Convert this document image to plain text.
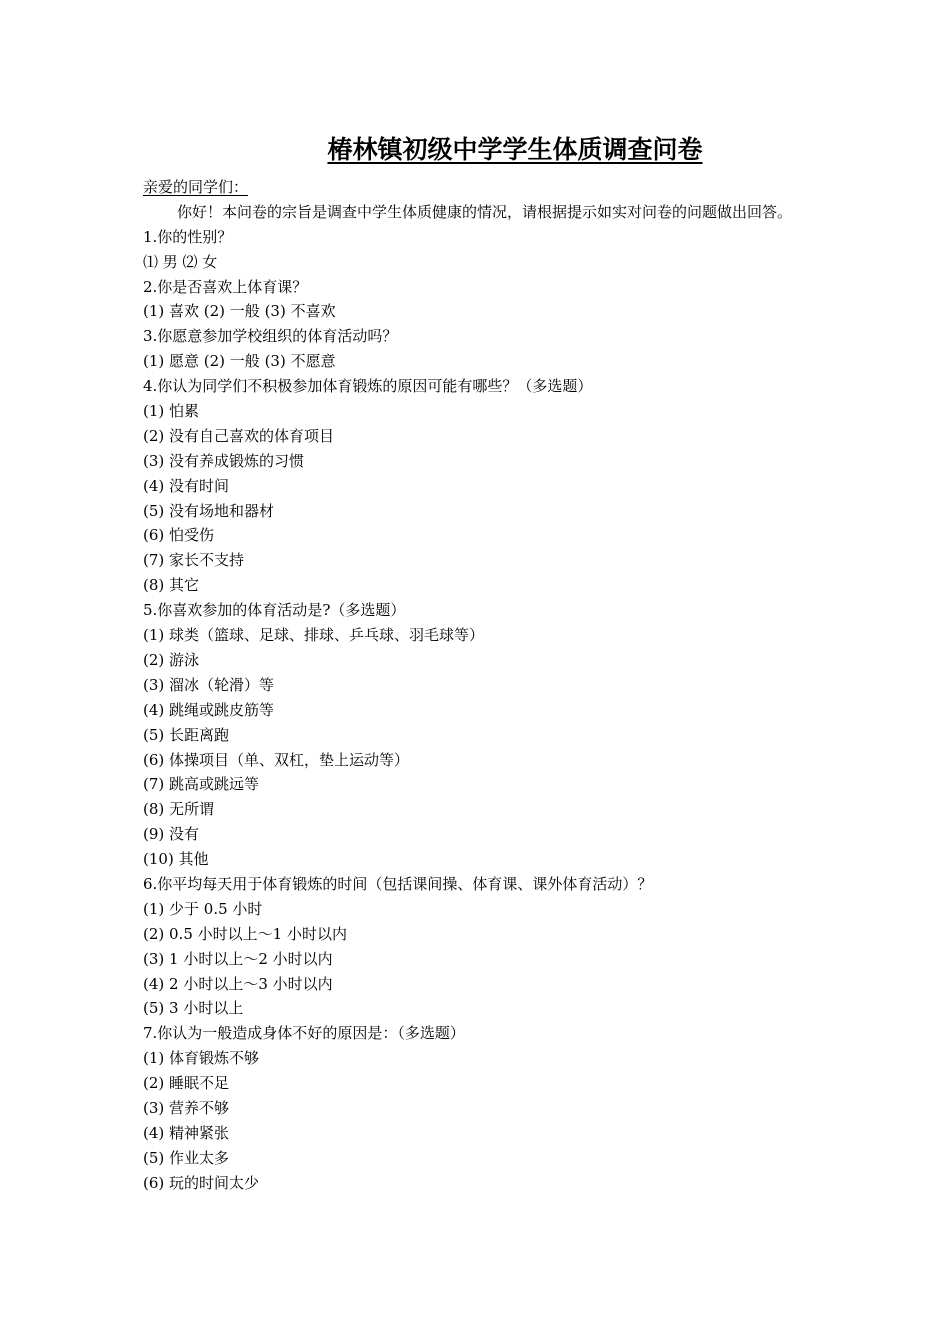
椿林镇初级中学学生体质调查问卷
亲爱的同学们：
你好！本问卷的宗旨是调查中学生体质健康的情况，请根据提示如实对问卷的问题做出回答。
1.你的性别？
⑴ 男 ⑵ 女
2.你是否喜欢上体育课？
(1) 喜欢 (2) 一般 (3) 不喜欢
3.你愿意参加学校组织的体育活动吗？
(1) 愿意 (2) 一般 (3) 不愿意
4.你认为同学们不积极参加体育锻炼的原因可能有哪些？（多选题）
(1) 怕累
(2) 没有自己喜欢的体育项目
(3) 没有养成锻炼的习惯
(4) 没有时间
(5) 没有场地和器材
(6) 怕受伤
(7) 家长不支持
(8) 其它
5.你喜欢参加的体育活动是?（多选题）
(1) 球类（篮球、足球、排球、乒乓球、羽毛球等）
(2) 游泳
(3) 溜冰（轮滑）等
(4) 跳绳或跳皮筋等
(5) 长距离跑
(6) 体操项目（单、双杠，垫上运动等）
(7) 跳高或跳远等
(8) 无所谓
(9) 没有
(10) 其他
6.你平均每天用于体育锻炼的时间（包括课间操、体育课、课外体育活动）？
(1) 少于 0.5 小时
(2) 0.5 小时以上～1 小时以内
(3) 1 小时以上～2 小时以内
(4) 2 小时以上～3 小时以内
(5) 3 小时以上
7.你认为一般造成身体不好的原因是：（多选题）
(1) 体育锻炼不够
(2) 睡眠不足
(3) 营养不够
(4) 精神紧张
(5) 作业太多
(6) 玩的时间太少
